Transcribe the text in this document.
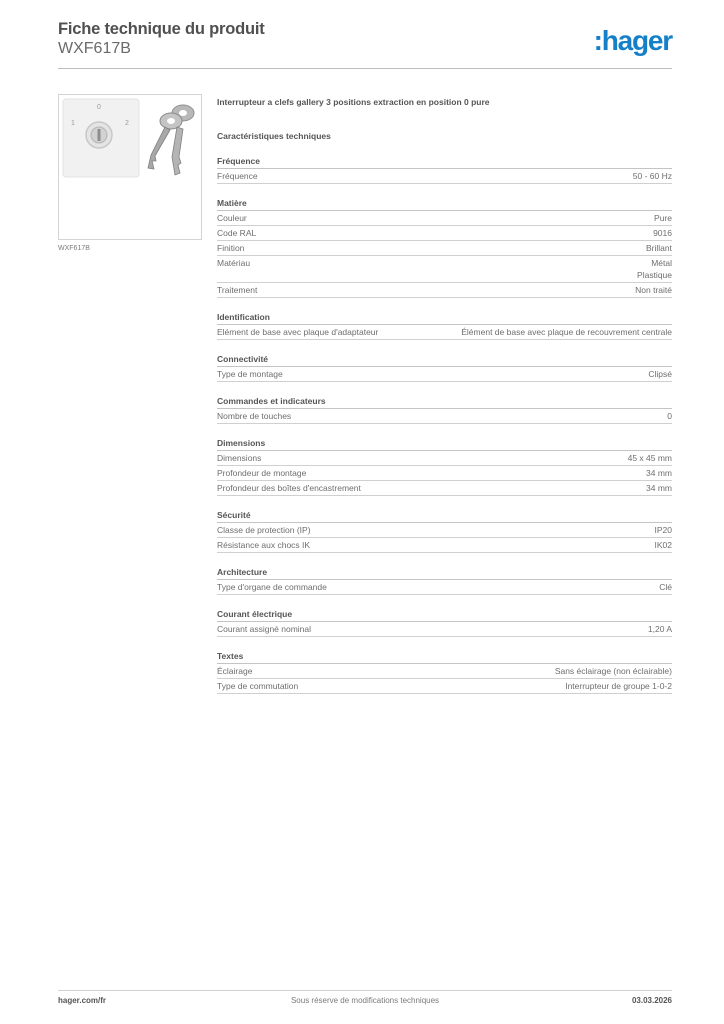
Fiche technique du produit
WXF617B	:hager
0
1	2
WXF617B
Interrupteur a clefs gallery 3 positions extraction en position 0 pure
Caractéristiques techniques
Fréquence
Fréquence	50 - 60 Hz
Matière
Couleur	Pure
Code RAL	9016
Finition	Brillant
Matériau	Métal
Plastique
Traitement	Non traité
Identification
Elément de base avec plaque d'adaptateur	Élément de base avec plaque de recouvrement centrale
Connectivité
Type de montage	Clipsé
Commandes et indicateurs
Nombre de touches	0
Dimensions
Dimensions	45 x 45 mm
Profondeur de montage	34 mm
Profondeur des boîtes d'encastrement	34 mm
Sécurité
Classe de protection (IP)	IP20
Résistance aux chocs IK	IK02
Architecture
Type d'organe de commande	Clé
Courant électrique
Courant assigné nominal	1,20 A
Textes
Éclairage	Sans éclairage (non éclairable)
Type de commutation	Interrupteur de groupe 1-0-2
hager.com/fr	Sous réserve de modifications techniques	03.03.2026
